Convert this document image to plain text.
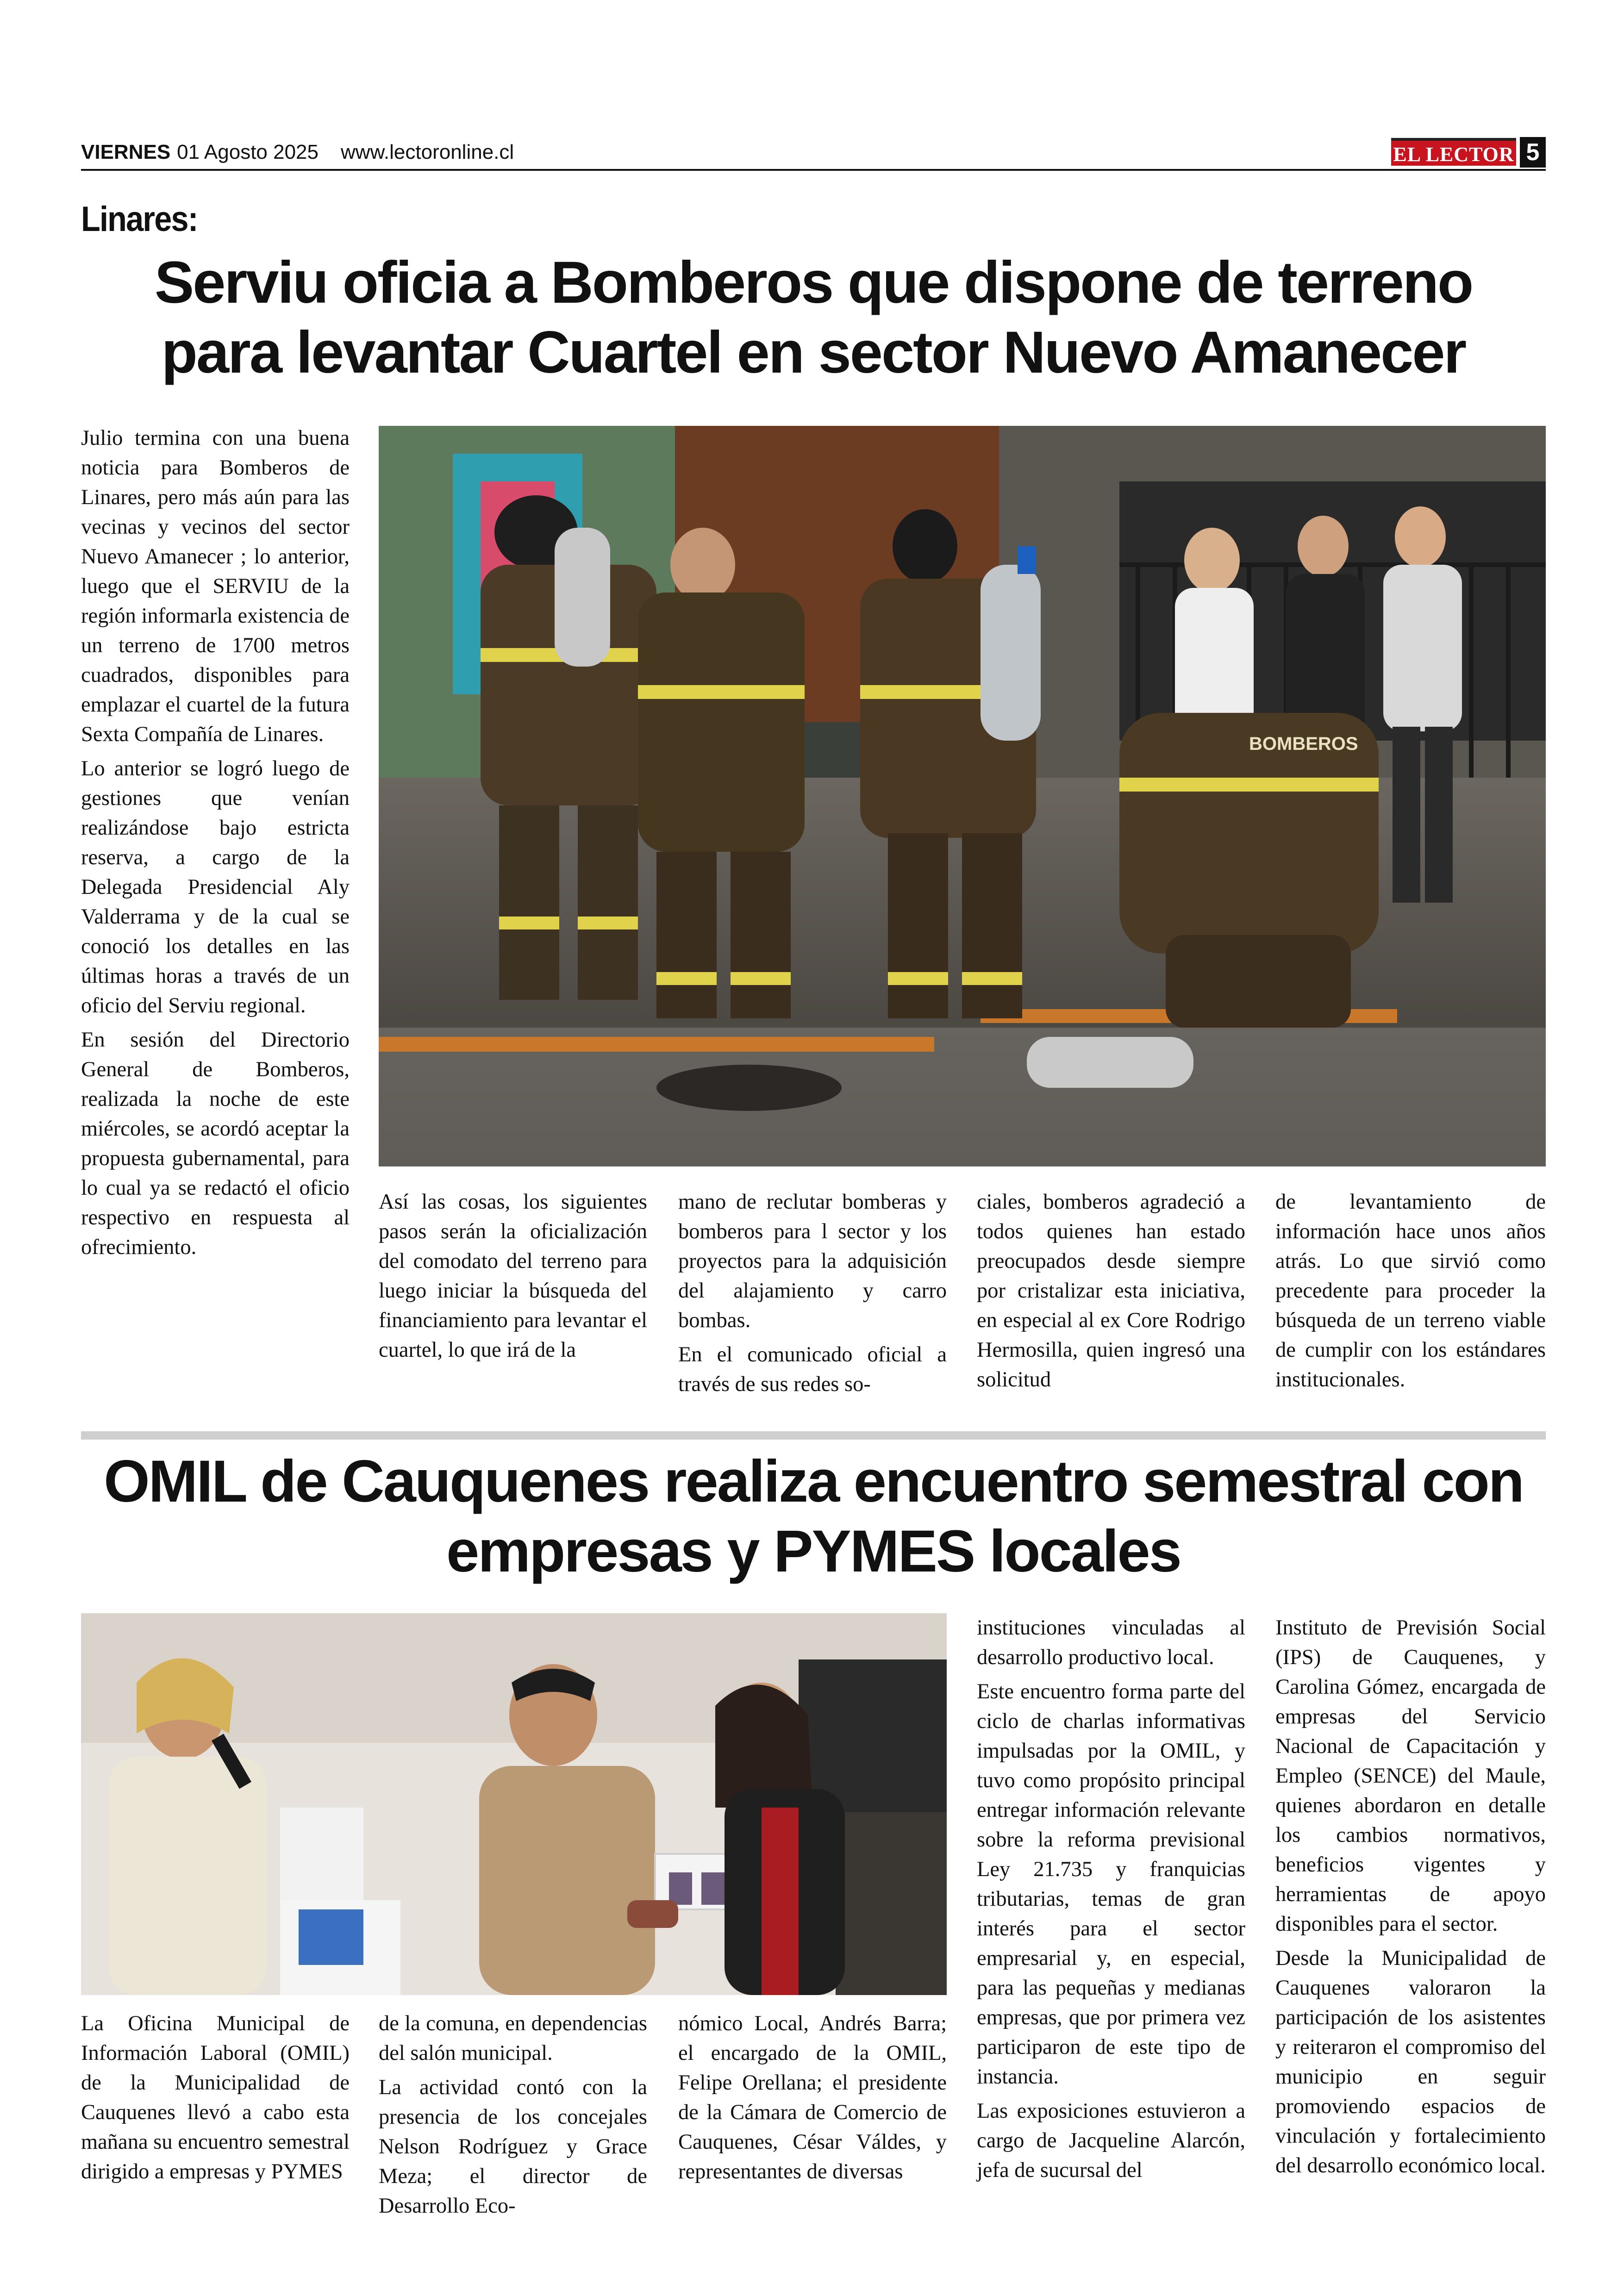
VIERNES 01 Agosto 2025 www.lectoronline.cl	EL LECTOR 5
Linares:
Serviu oficia a Bomberos que dispone de terreno
para levantar Cuartel en sector Nuevo Amanecer

Julio termina con una buena noticia para Bomberos de Linares, pero más aún para las vecinas y vecinos del sector Nuevo Amanecer ; lo anterior, luego que el SERVIU de la región informarla existencia de un terreno de 1700 metros cuadrados, disponibles para emplazar el cuartel de la futura Sexta Compañía de Linares.

Lo anterior se logró luego de gestiones que venían realizándose bajo estricta reserva, a cargo de la Delegada Presidencial Aly Valderrama y de la cual se conoció los detalles en las últimas horas a través de un oficio del Serviu regional.

En sesión del Directorio General de Bomberos, realizada la noche de este miércoles, se acordó aceptar la propuesta gubernamental, para lo cual ya se redactó el oficio respectivo en respuesta al ofrecimiento.

BOMBEROS

Así las cosas, los siguientes pasos serán la oficialización del comodato del terreno para luego iniciar la búsqueda del financiamiento para levantar el cuartel, lo que irá de la

mano de reclutar bomberas y bomberos para l sector y los proyectos para la adquisición del alajamiento y carro bombas.

En el comunicado oficial a través de sus redes so-

ciales, bomberos agradeció a todos quienes han estado preocupados desde siempre por cristalizar esta iniciativa, en especial al ex Core Rodrigo Hermosilla, quien ingresó una solicitud

de levantamiento de información hace unos años atrás. Lo que sirvió como precedente para proceder la búsqueda de un terreno viable de cumplir con los estándares institucionales.

OMIL de Cauquenes realiza encuentro semestral con
empresas y PYMES locales

La Oficina Municipal de Información Laboral (OMIL) de la Municipalidad de Cauquenes llevó a cabo esta mañana su encuentro semestral dirigido a empresas y PYMES

de la comuna, en dependencias del salón municipal.

La actividad contó con la presencia de los concejales Nelson Rodríguez y Grace Meza; el director de Desarrollo Eco-

nómico Local, Andrés Barra; el encargado de la OMIL, Felipe Orellana; el presidente de la Cámara de Comercio de Cauquenes, César Váldes, y representantes de diversas

instituciones vinculadas al desarrollo productivo local.

Este encuentro forma parte del ciclo de charlas informativas impulsadas por la OMIL, y tuvo como propósito principal entregar información relevante sobre la reforma previsional Ley 21.735 y franquicias tributarias, temas de gran interés para el sector empresarial y, en especial, para las pequeñas y medianas empresas, que por primera vez participaron de este tipo de instancia.

Las exposiciones estuvieron a cargo de Jacqueline Alarcón, jefa de sucursal del

Instituto de Previsión Social (IPS) de Cauquenes, y Carolina Gómez, encargada de empresas del Servicio Nacional de Capacitación y Empleo (SENCE) del Maule, quienes abordaron en detalle los cambios normativos, beneficios vigentes y herramientas de apoyo disponibles para el sector.

Desde la Municipalidad de Cauquenes valoraron la participación de los asistentes y reiteraron el compromiso del municipio en seguir promoviendo espacios de vinculación y fortalecimiento del desarrollo económico local.
